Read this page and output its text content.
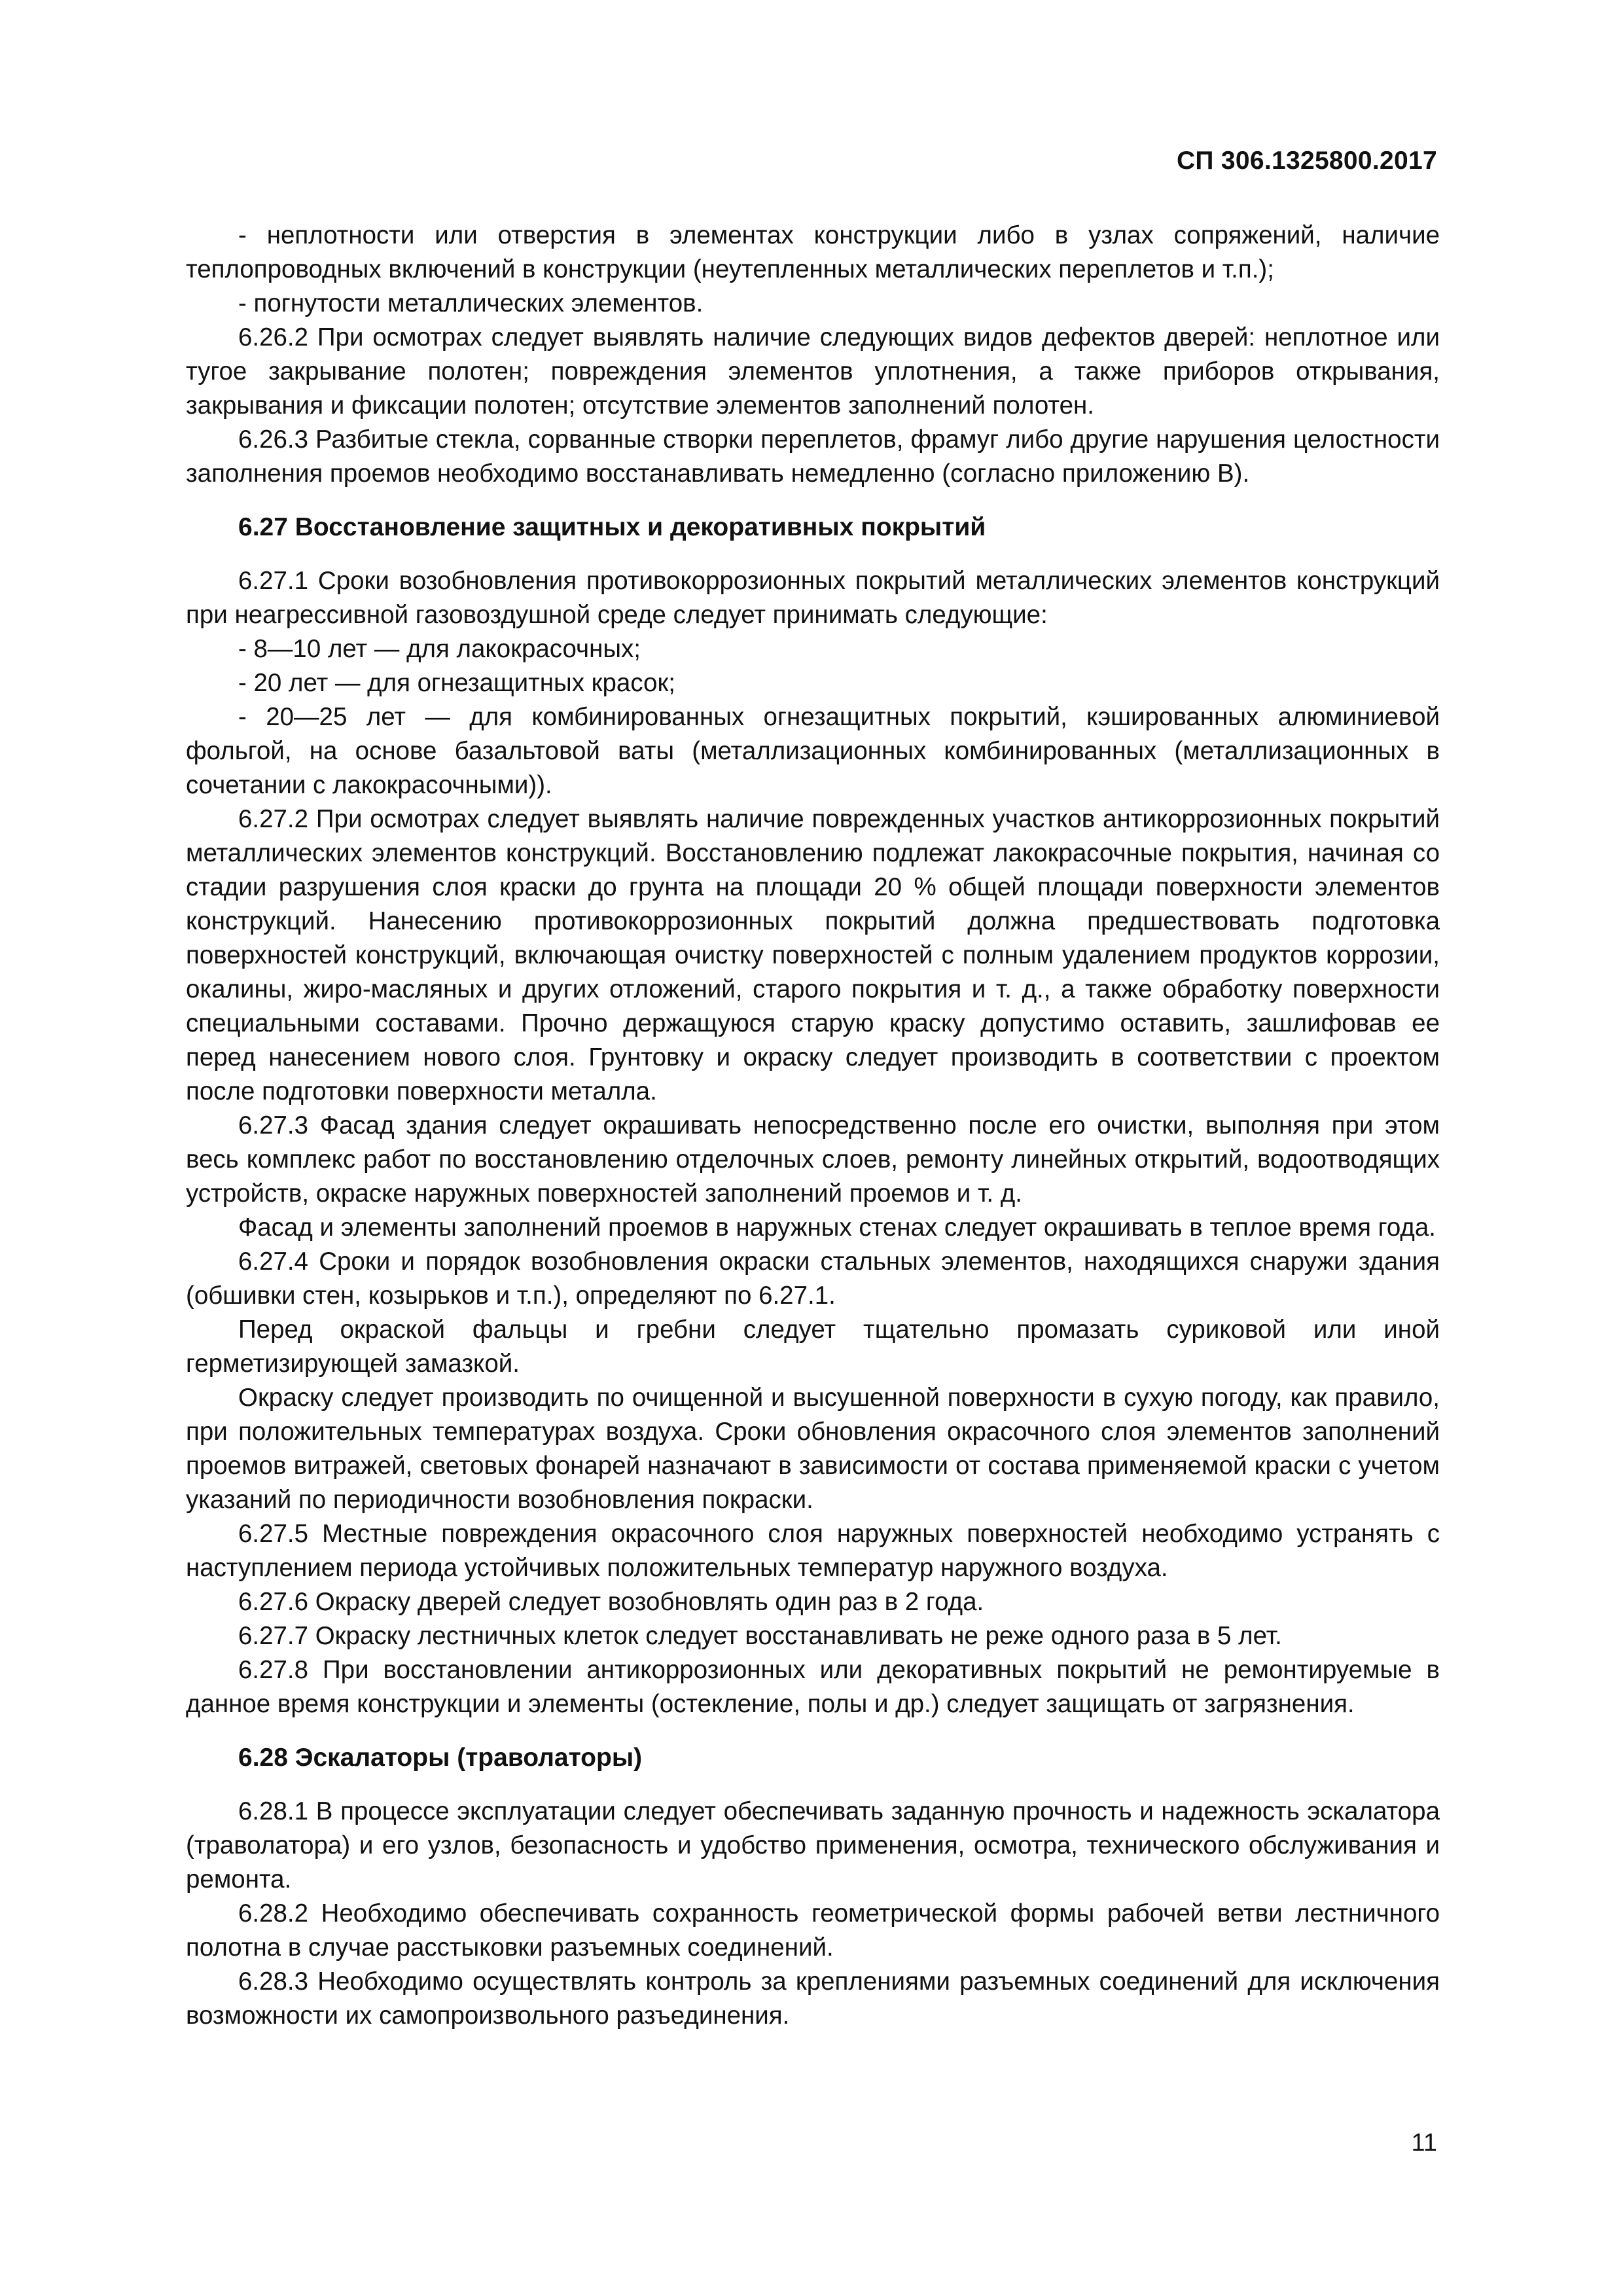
СП 306.1325800.2017

- неплотности или отверстия в элементах конструкции либо в узлах сопряжений, наличие теплопроводных включений в конструкции (неутепленных металлических переплетов и т.п.);

- погнутости металлических элементов.

6.26.2 При осмотрах следует выявлять наличие следующих видов дефектов дверей: неплотное или тугое закрывание полотен; повреждения элементов уплотнения, а также приборов открывания, закрывания и фиксации полотен; отсутствие элементов заполнений полотен.

6.26.3 Разбитые стекла, сорванные створки переплетов, фрамуг либо другие нарушения целостности заполнения проемов необходимо восстанавливать немедленно (согласно приложению В).

6.27 Восстановление защитных и декоративных покрытий

6.27.1 Сроки возобновления противокоррозионных покрытий металлических элементов конструкций при неагрессивной газовоздушной среде следует принимать следующие:

- 8—10 лет — для лакокрасочных;

- 20 лет — для огнезащитных красок;

- 20—25 лет — для комбинированных огнезащитных покрытий, кэшированных алюминиевой фольгой, на основе базальтовой ваты (металлизационных комбинированных (металлизационных в сочетании с лакокрасочными)).

6.27.2 При осмотрах следует выявлять наличие поврежденных участков антикоррозионных покрытий металлических элементов конструкций. Восстановлению подлежат лакокрасочные покрытия, начиная со стадии разрушения слоя краски до грунта на площади 20 % общей площади поверхности элементов конструкций. Нанесению противокоррозионных покрытий должна предшествовать подготовка поверхностей конструкций, включающая очистку поверхностей с полным удалением продуктов коррозии, окалины, жиро-масляных и других отложений, старого покрытия и т. д., а также обработку поверхности специальными составами. Прочно держащуюся старую краску допустимо оставить, зашлифовав ее перед нанесением нового слоя. Грунтовку и окраску следует производить в соответствии с проектом после подготовки поверхности металла.

6.27.3 Фасад здания следует окрашивать непосредственно после его очистки, выполняя при этом весь комплекс работ по восстановлению отделочных слоев, ремонту линейных открытий, водоотводящих устройств, окраске наружных поверхностей заполнений проемов и т. д.

Фасад и элементы заполнений проемов в наружных стенах следует окрашивать в теплое время года.

6.27.4 Сроки и порядок возобновления окраски стальных элементов, находящихся снаружи здания (обшивки стен, козырьков и т.п.), определяют по 6.27.1.

Перед окраской фальцы и гребни следует тщательно промазать суриковой или иной герметизирующей замазкой.

Окраску следует производить по очищенной и высушенной поверхности в сухую погоду, как правило, при положительных температурах воздуха. Сроки обновления окрасочного слоя элементов заполнений проемов витражей, световых фонарей назначают в зависимости от состава применяемой краски с учетом указаний по периодичности возобновления покраски.

6.27.5 Местные повреждения окрасочного слоя наружных поверхностей необходимо устранять с наступлением периода устойчивых положительных температур наружного воздуха.

6.27.6 Окраску дверей следует возобновлять один раз в 2 года.

6.27.7 Окраску лестничных клеток следует восстанавливать не реже одного раза в 5 лет.

6.27.8 При восстановлении антикоррозионных или декоративных покрытий не ремонтируемые в данное время конструкции и элементы (остекление, полы и др.) следует защищать от загрязнения.

6.28 Эскалаторы (траволаторы)

6.28.1 В процессе эксплуатации следует обеспечивать заданную прочность и надежность эскалатора (траволатора) и его узлов, безопасность и удобство применения, осмотра, технического обслуживания и ремонта.

6.28.2 Необходимо обеспечивать сохранность геометрической формы рабочей ветви лестничного полотна в случае расстыковки разъемных соединений.

6.28.3 Необходимо осуществлять контроль за креплениями разъемных соединений для исключения возможности их самопроизвольного разъединения.

11
